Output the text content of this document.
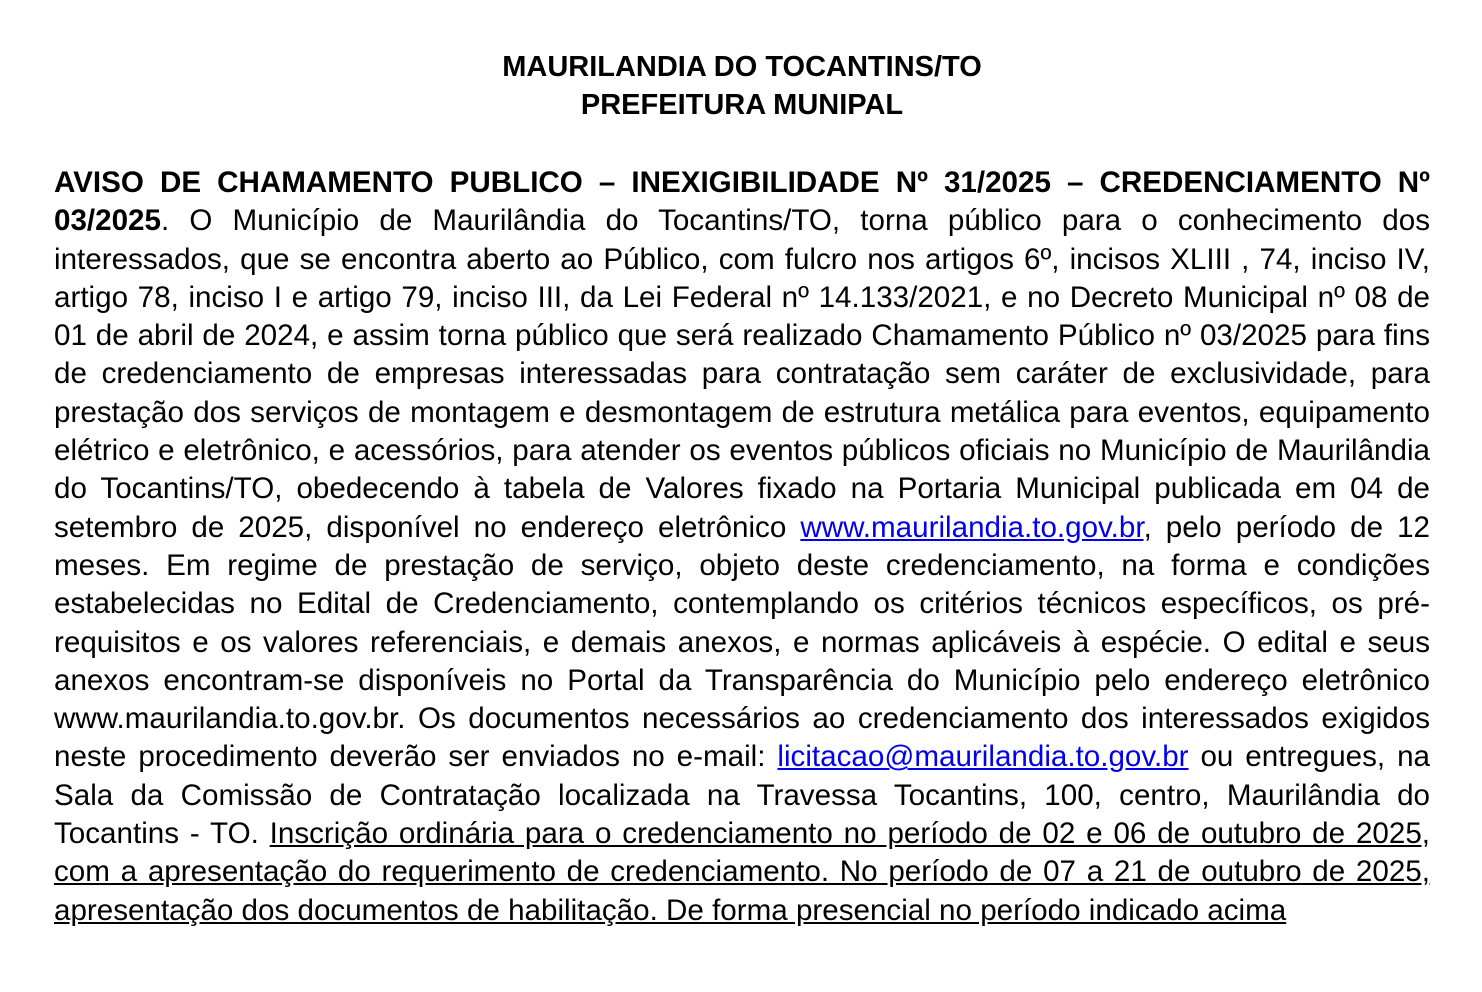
MAURILANDIA DO TOCANTINS/TO
PREFEITURA MUNIPAL
AVISO DE CHAMAMENTO PUBLICO – INEXIGIBILIDADE Nº 31/2025 – CREDENCIAMENTO Nº 03/2025. O Município de Maurilândia do Tocantins/TO, torna público para o conhecimento dos interessados, que se encontra aberto ao Público, com fulcro nos artigos 6º, incisos XLIII , 74, inciso IV, artigo 78, inciso I e artigo 79, inciso III, da Lei Federal nº 14.133/2021, e no Decreto Municipal nº 08 de 01 de abril de 2024, e assim torna público que será realizado Chamamento Público nº 03/2025 para fins de credenciamento de empresas interessadas para contratação sem caráter de exclusividade, para prestação dos serviços de montagem e desmontagem de estrutura metálica para eventos, equipamento elétrico e eletrônico, e acessórios, para atender os eventos públicos oficiais no Município de Maurilândia do Tocantins/TO, obedecendo à tabela de Valores fixado na Portaria Municipal publicada em 04 de setembro de 2025, disponível no endereço eletrônico www.maurilandia.to.gov.br, pelo período de 12 meses. Em regime de prestação de serviço, objeto deste credenciamento, na forma e condições estabelecidas no Edital de Credenciamento, contemplando os critérios técnicos específicos, os pré-requisitos e os valores referenciais, e demais anexos, e normas aplicáveis à espécie. O edital e seus anexos encontram-se disponíveis no Portal da Transparência do Município pelo endereço eletrônico www.maurilandia.to.gov.br. Os documentos necessários ao credenciamento dos interessados exigidos neste procedimento deverão ser enviados no e-mail: licitacao@maurilandia.to.gov.br ou entregues, na Sala da Comissão de Contratação localizada na Travessa Tocantins, 100, centro, Maurilândia do Tocantins - TO. Inscrição ordinária para o credenciamento no período de 02 e 06 de outubro de 2025, com a apresentação do requerimento de credenciamento. No período de 07 a 21 de outubro de 2025, apresentação dos documentos de habilitação. De forma presencial no período indicado acima
